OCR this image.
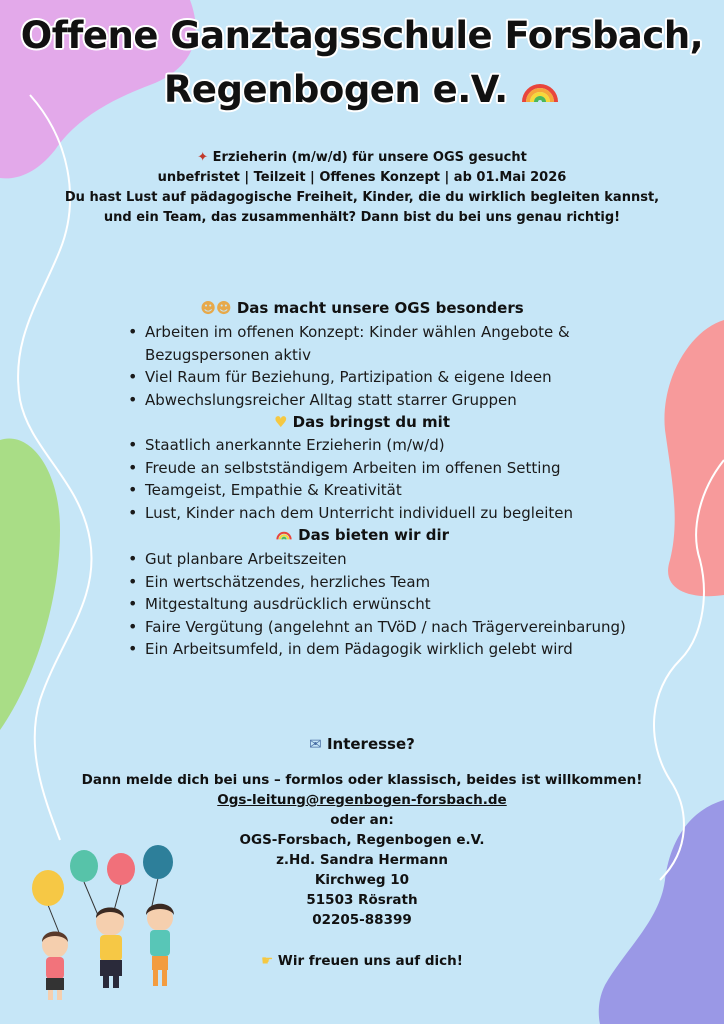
Offene Ganztagsschule Forsbach,
Regenbogen e.V.
✦ Erzieherin (m/w/d) für unsere OGS gesucht
unbefristet | Teilzeit | Offenes Konzept | ab 01.Mai 2026
Du hast Lust auf pädagogische Freiheit, Kinder, die du wirklich begleiten kannst,
und ein Team, das zusammenhält? Dann bist du bei uns genau richtig!
☻☻ Das macht unsere OGS besonders
• Arbeiten im offenen Konzept: Kinder wählen Angebote & Bezugspersonen aktiv
• Viel Raum für Beziehung, Partizipation & eigene Ideen
• Abwechslungsreicher Alltag statt starrer Gruppen
♥ Das bringst du mit
• Staatlich anerkannte Erzieherin (m/w/d)
• Freude an selbstständigem Arbeiten im offenen Setting
• Teamgeist, Empathie & Kreativität
• Lust, Kinder nach dem Unterricht individuell zu begleiten
Das bieten wir dir
• Gut planbare Arbeitszeiten
• Ein wertschätzendes, herzliches Team
• Mitgestaltung ausdrücklich erwünscht
• Faire Vergütung (angelehnt an TVöD / nach Trägervereinbarung)
• Ein Arbeitsumfeld, in dem Pädagogik wirklich gelebt wird
✉ Interesse?
Dann melde dich bei uns – formlos oder klassisch, beides ist willkommen!
Ogs-leitung@regenbogen-forsbach.de
oder an:
OGS-Forsbach, Regenbogen e.V.
z.Hd. Sandra Hermann
Kirchweg 10
51503 Rösrath
02205-88399
☛ Wir freuen uns auf dich!
